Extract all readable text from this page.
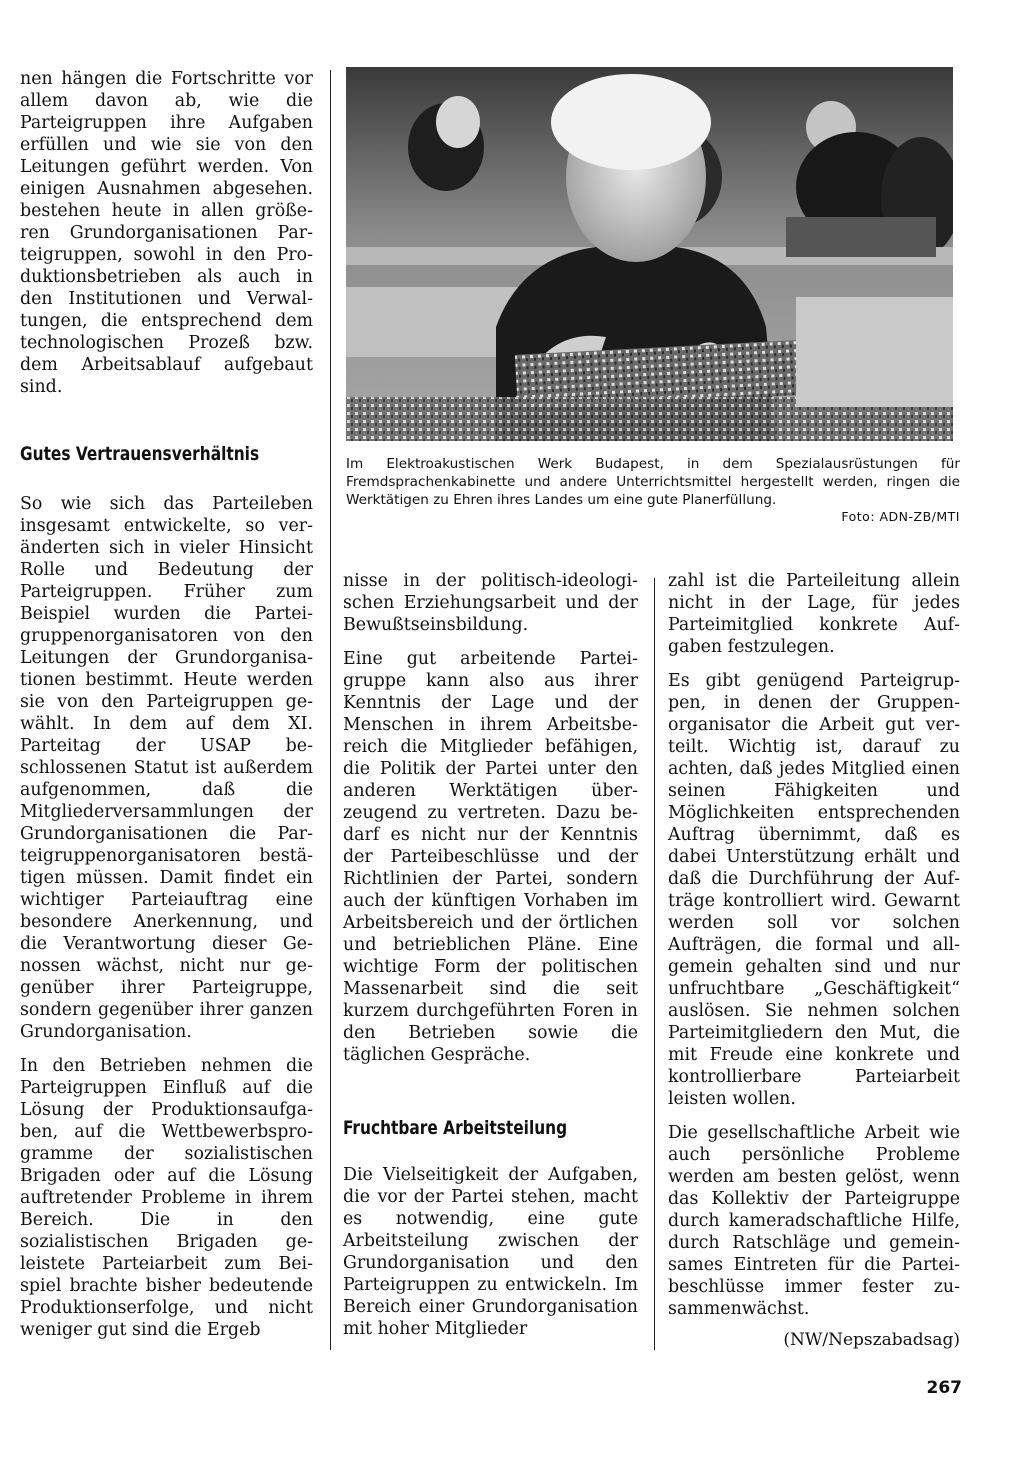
nen hängen die Fortschritte vor allem davon ab, wie die Parteigruppen ihre Aufgaben erfüllen und wie sie von den Leitungen geführt werden. Von einigen Ausnahmen abgesehen. bestehen heute in allen größeren Grundorganisationen Parteigruppen, sowohl in den Produktionsbetrieben als auch in den Institutionen und Verwaltungen, die entsprechend dem technologischen Prozeß bzw. dem Arbeitsablauf aufgebaut sind.

Gutes Vertrauensverhältnis

So wie sich das Parteileben insgesamt entwickelte, so veränderten sich in vieler Hinsicht Rolle und Bedeutung der Parteigruppen. Früher zum Beispiel wurden die Parteigruppenorganisatoren von den Leitungen der Grundorganisationen bestimmt. Heute werden sie von den Parteigruppen gewählt. In dem auf dem XI. Parteitag der USAP beschlossenen Statut ist außerdem aufgenommen, daß die Mitgliederversammlungen der Grundorganisationen die Parteigruppenorganisatoren bestätigen müssen. Damit findet ein wichtiger Parteiauftrag eine besondere Anerkennung, und die Verantwortung dieser Genossen wächst, nicht nur gegenüber ihrer Parteigruppe, sondern gegenüber ihrer ganzen Grundorganisation.

In den Betrieben nehmen die Parteigruppen Einfluß auf die Lösung der Produktionsaufgaben, auf die Wettbewerbsprogramme der sozialistischen Brigaden oder auf die Lösung auftretender Probleme in ihrem Bereich. Die in den sozialistischen Brigaden geleistete Parteiarbeit zum Beispiel brachte bisher bedeutende Produktionserfolge, und nicht weniger gut sind die Ergeb

Im Elektroakustischen Werk Budapest, in dem Spezialausrüstungen für Fremdsprachenkabinette und andere Unterrichtsmittel hergestellt werden, ringen die Werktätigen zu Ehren ihres Landes um eine gute Planerfüllung.
Foto: ADN-ZB/MTI

nisse in der politisch-ideologischen Erziehungsarbeit und der Bewußtseinsbildung.

Eine gut arbeitende Parteigruppe kann also aus ihrer Kenntnis der Lage und der Menschen in ihrem Arbeitsbereich die Mitglieder befähigen, die Politik der Partei unter den anderen Werktätigen überzeugend zu vertreten. Dazu bedarf es nicht nur der Kenntnis der Parteibeschlüsse und der Richtlinien der Partei, sondern auch der künftigen Vorhaben im Arbeitsbereich und der örtlichen und betrieblichen Pläne. Eine wichtige Form der politischen Massenarbeit sind die seit kurzem durchgeführten Foren in den Betrieben sowie die täglichen Gespräche.

Fruchtbare Arbeitsteilung

Die Vielseitigkeit der Aufgaben, die vor der Partei stehen, macht es notwendig, eine gute Arbeitsteilung zwischen der Grundorganisation und den Parteigruppen zu entwickeln. Im Bereich einer Grundorganisation mit hoher Mitglieder

zahl ist die Parteileitung allein nicht in der Lage, für jedes Parteimitglied konkrete Aufgaben festzulegen.

Es gibt genügend Parteigruppen, in denen der Gruppenorganisator die Arbeit gut verteilt. Wichtig ist, darauf zu achten, daß jedes Mitglied einen seinen Fähigkeiten und Möglichkeiten entsprechenden Auftrag übernimmt, daß es dabei Unterstützung erhält und daß die Durchführung der Aufträge kontrolliert wird. Gewarnt werden soll vor solchen Aufträgen, die formal und allgemein gehalten sind und nur unfruchtbare „Geschäftigkeit“ auslösen. Sie nehmen solchen Parteimitgliedern den Mut, die mit Freude eine konkrete und kontrollierbare Parteiarbeit leisten wollen.

Die gesellschaftliche Arbeit wie auch persönliche Probleme werden am besten gelöst, wenn das Kollektiv der Parteigruppe durch kameradschaftliche Hilfe, durch Ratschläge und gemeinsames Eintreten für die Parteibeschlüsse immer fester zusammenwächst.

(NW/Nepszabadsag)
267
